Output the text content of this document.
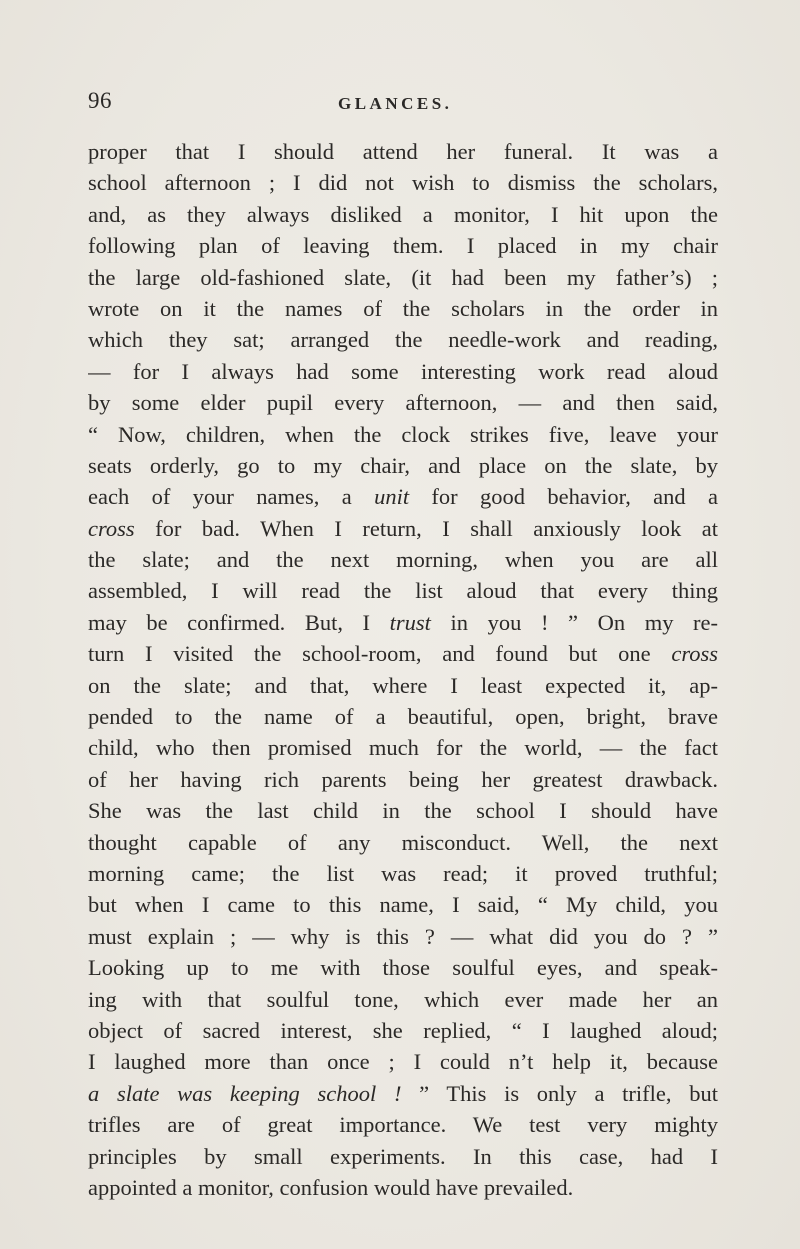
96	GLANCES.
proper that I should attend her funeral. It was a
school afternoon ; I did not wish to dismiss the scholars,
and, as they always disliked a monitor, I hit upon the
following plan of leaving them. I placed in my chair
the large old-fashioned slate, (it had been my father’s) ;
wrote on it the names of the scholars in the order in
which they sat; arranged the needle-work and reading,
— for I always had some interesting work read aloud
by some elder pupil every afternoon, — and then said,
“ Now, children, when the clock strikes five, leave your
seats orderly, go to my chair, and place on the slate, by
each of your names, a unit for good behavior, and a
cross for bad. When I return, I shall anxiously look at
the slate; and the next morning, when you are all
assembled, I will read the list aloud that every thing
may be confirmed. But, I trust in you ! ” On my re-
turn I visited the school-room, and found but one cross
on the slate; and that, where I least expected it, ap-
pended to the name of a beautiful, open, bright, brave
child, who then promised much for the world, — the fact
of her having rich parents being her greatest drawback.
She was the last child in the school I should have
thought capable of any misconduct. Well, the next
morning came; the list was read; it proved truthful;
but when I came to this name, I said, “ My child, you
must explain ; — why is this ? — what did you do ? ”
Looking up to me with those soulful eyes, and speak-
ing with that soulful tone, which ever made her an
object of sacred interest, she replied, “ I laughed aloud;
I laughed more than once ; I could n’t help it, because
a slate was keeping school ! ” This is only a trifle, but
trifles are of great importance. We test very mighty
principles by small experiments. In this case, had I
appointed a monitor, confusion would have prevailed.
